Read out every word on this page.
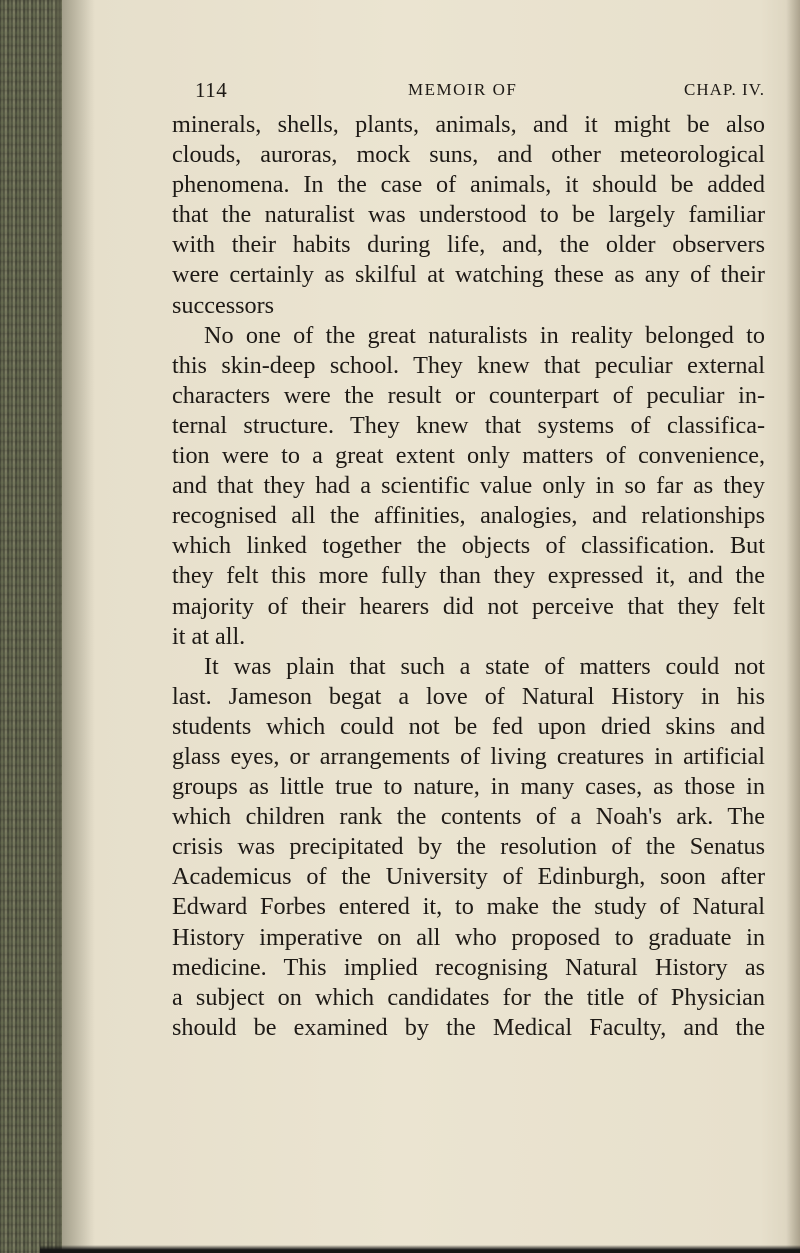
114	MEMOIR OF	CHAP. IV.
minerals, shells, plants, animals, and it might be also
clouds, auroras, mock suns, and other meteorological
phenomena. In the case of animals, it should be added
that the naturalist was understood to be largely familiar
with their habits during life, and, the older observers
were certainly as skilful at watching these as any of their
successors
No one of the great naturalists in reality belonged to
this skin-deep school. They knew that peculiar external
characters were the result or counterpart of peculiar in-
ternal structure. They knew that systems of classifica-
tion were to a great extent only matters of convenience,
and that they had a scientific value only in so far as they
recognised all the affinities, analogies, and relationships
which linked together the objects of classification. But
they felt this more fully than they expressed it, and the
majority of their hearers did not perceive that they felt
it at all.
It was plain that such a state of matters could not
last. Jameson begat a love of Natural History in his
students which could not be fed upon dried skins and
glass eyes, or arrangements of living creatures in artificial
groups as little true to nature, in many cases, as those in
which children rank the contents of a Noah's ark. The
crisis was precipitated by the resolution of the Senatus
Academicus of the University of Edinburgh, soon after
Edward Forbes entered it, to make the study of Natural
History imperative on all who proposed to graduate in
medicine. This implied recognising Natural History as
a subject on which candidates for the title of Physician
should be examined by the Medical Faculty, and the
